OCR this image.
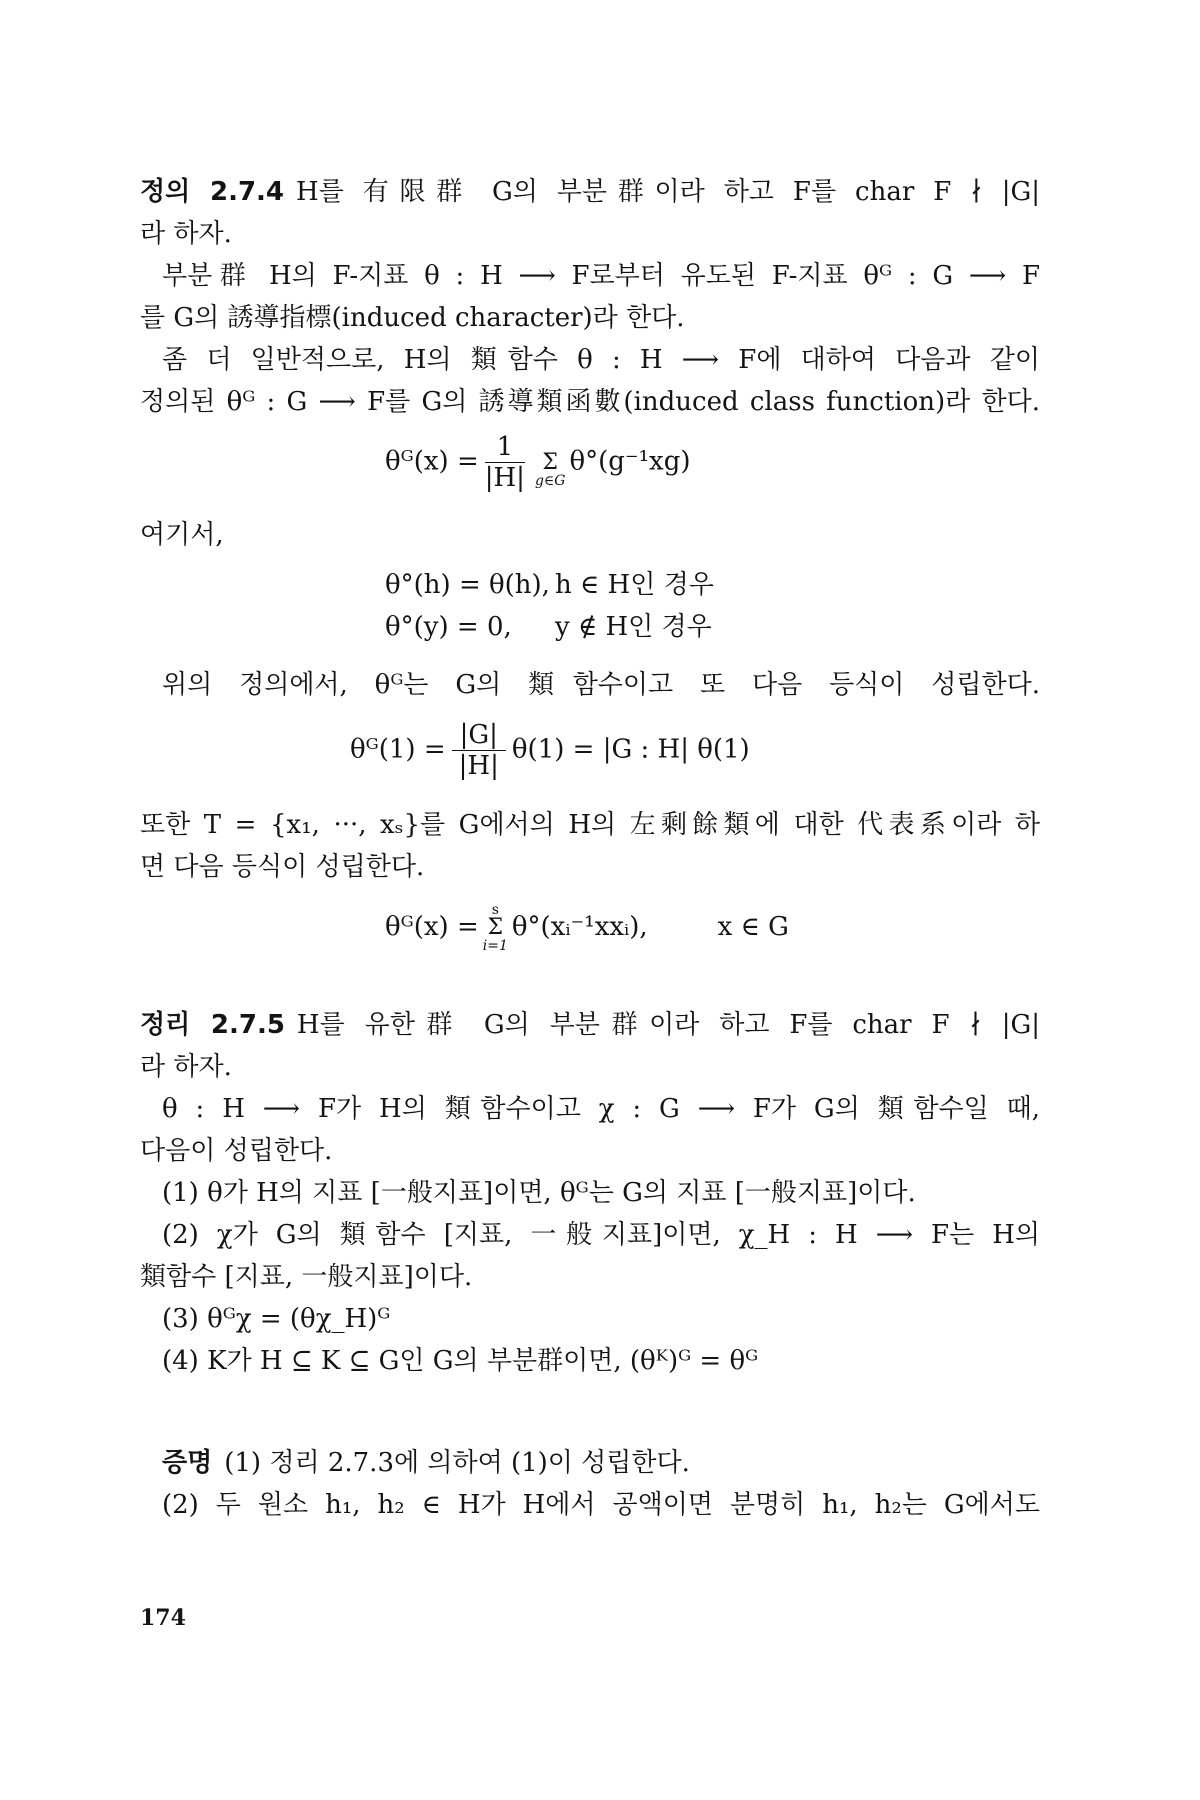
정의 2.7.4 H를 有限群 G의 부분群이라 하고 F를 char F ∤ |G|
라 하자.
부분群 H의 F-지표 θ : H ⟶ F로부터 유도된 F-지표 θᴳ : G ⟶ F
를 G의 誘導指標(induced character)라 한다.
좀 더 일반적으로, H의 類함수 θ : H ⟶ F에 대하여 다음과 같이
정의된 θᴳ : G ⟶ F를 G의 誘導類函數(induced class function)라 한다.
θᴳ(x) = $\frac{1}{|H|}$ Σ
g∈G
θ°(g⁻¹xg)
여기서,
θ°(h) = θ(h), h ∈ H인 경우
θ°(y) = 0, y ∉ H인 경우
위의 정의에서, θᴳ는 G의 類함수이고 또 다음 등식이 성립한다.
θᴳ(1) = $\frac{|G|}{|H|} \theta(1) = |G$ : H| θ(1)
또한 T = {x₁, ···, xₛ}를 G에서의 H의 左剩餘類에 대한 代表系이라 하
면 다음 등식이 성립한다.
θᴳ(x) =
s
Σ
i=1
θ°(xᵢ⁻¹xxᵢ),	x ∈ G
정리 2.7.5 H를 유한群 G의 부분群이라 하고 F를 char F ∤ |G|
라 하자.
θ : H ⟶ F가 H의 類함수이고 χ : G ⟶ F가 G의 類함수일 때,
다음이 성립한다.
(1) θ가 H의 지표 [一般지표]이면, θᴳ는 G의 지표 [一般지표]이다.
(2) χ가 G의 類함수 [지표, 一般지표]이면, χ_H : H ⟶ F는 H의
類함수 [지표, 一般지표]이다.
(3) θᴳχ = (θχ_H)ᴳ
(4) K가 H ⊆ K ⊆ G인 G의 부분群이면, (θᴷ)ᴳ = θᴳ
증명 (1) 정리 2.7.3에 의하여 (1)이 성립한다.
(2) 두 원소 h₁, h₂ ∈ H가 H에서 공액이면 분명히 h₁, h₂는 G에서도
174
